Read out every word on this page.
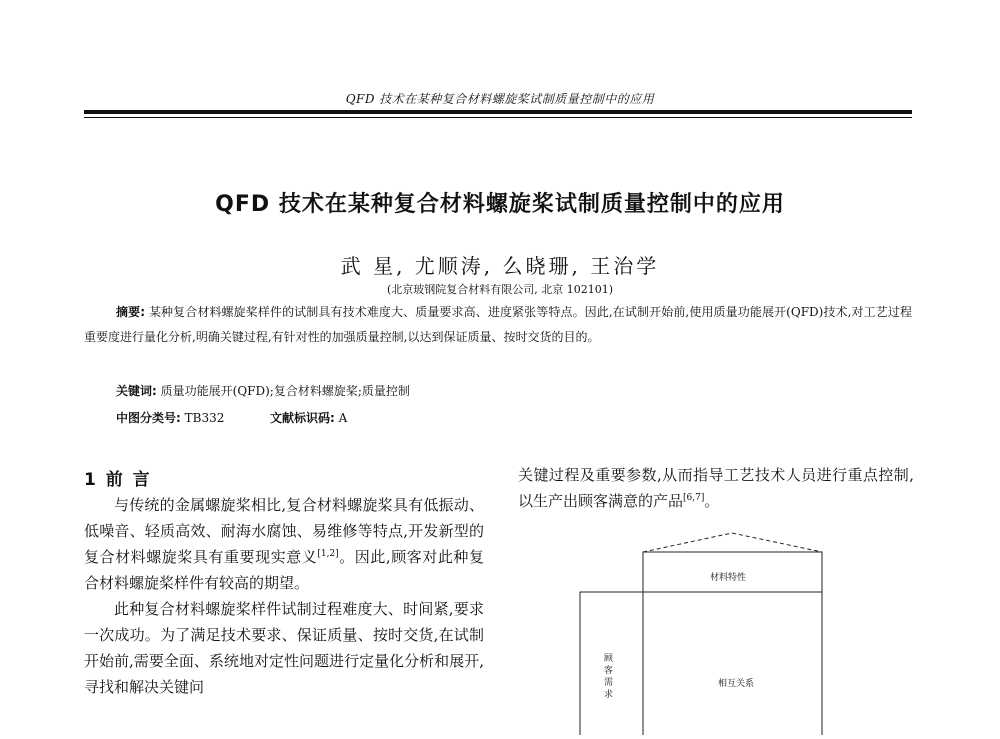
QFD 技术在某种复合材料螺旋桨试制质量控制中的应用
QFD 技术在某种复合材料螺旋桨试制质量控制中的应用
武 星, 尤顺涛, 么晓珊, 王治学
(北京玻钢院复合材料有限公司, 北京 102101)
摘要: 某种复合材料螺旋桨样件的试制具有技术难度大、质量要求高、进度紧张等特点。因此,在试制开始前,使用质量功能展开(QFD)技术,对工艺过程重要度进行量化分析,明确关键过程,有针对性的加强质量控制,以达到保证质量、按时交货的目的。
关键词: 质量功能展开(QFD);复合材料螺旋桨;质量控制
中图分类号: TB332	文献标识码: A
1 前 言

与传统的金属螺旋桨相比,复合材料螺旋桨具有低振动、低噪音、轻质高效、耐海水腐蚀、易维修等特点,开发新型的复合材料螺旋桨具有重要现实意义[1,2]。因此,顾客对此种复合材料螺旋桨样件有较高的期望。

此种复合材料螺旋桨样件试制过程难度大、时间紧,要求一次成功。为了满足技术要求、保证质量、按时交货,在试制开始前,需要全面、系统地对定性问题进行定量化分析和展开,寻找和解决关键问

关键过程及重要参数,从而指导工艺技术人员进行重点控制,以生产出顾客满意的产品[6,7]。

材料特性
顾客需求
相互关系
